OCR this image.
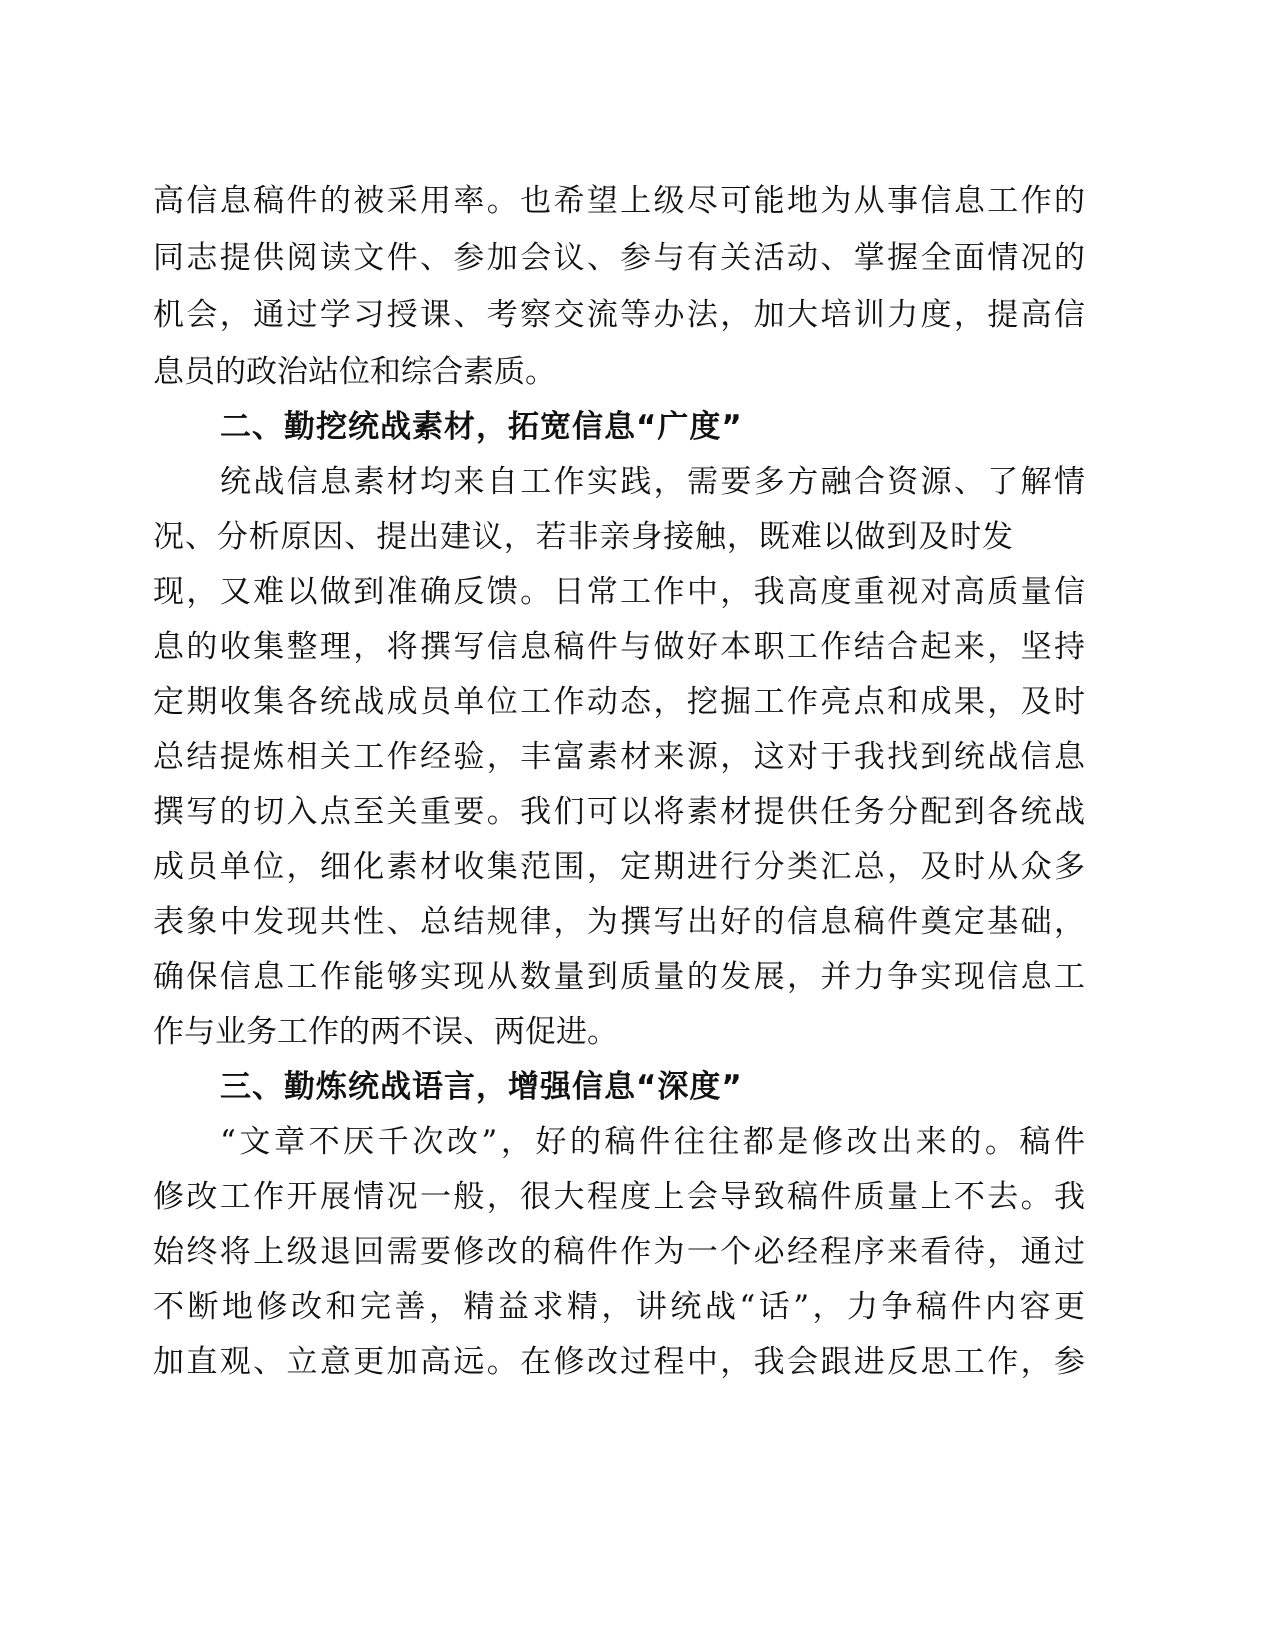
高信息稿件的被采用率。也希望上级尽可能地为从事信息工作的
同志提供阅读文件、参加会议、参与有关活动、掌握全面情况的
机会，通过学习授课、考察交流等办法，加大培训力度，提高信
息员的政治站位和综合素质。
二、勤挖统战素材，拓宽信息“广度”
统战信息素材均来自工作实践，需要多方融合资源、了解情
况、分析原因、提出建议，若非亲身接触，既难以做到及时发
现，又难以做到准确反馈。日常工作中，我高度重视对高质量信
息的收集整理，将撰写信息稿件与做好本职工作结合起来，坚持
定期收集各统战成员单位工作动态，挖掘工作亮点和成果，及时
总结提炼相关工作经验，丰富素材来源，这对于我找到统战信息
撰写的切入点至关重要。我们可以将素材提供任务分配到各统战
成员单位，细化素材收集范围，定期进行分类汇总，及时从众多
表象中发现共性、总结规律，为撰写出好的信息稿件奠定基础，
确保信息工作能够实现从数量到质量的发展，并力争实现信息工
作与业务工作的两不误、两促进。
三、勤炼统战语言，增强信息“深度”
“文章不厌千次改”，好的稿件往往都是修改出来的。稿件
修改工作开展情况一般，很大程度上会导致稿件质量上不去。我
始终将上级退回需要修改的稿件作为一个必经程序来看待，通过
不断地修改和完善，精益求精，讲统战“话”，力争稿件内容更
加直观、立意更加高远。在修改过程中，我会跟进反思工作，参
